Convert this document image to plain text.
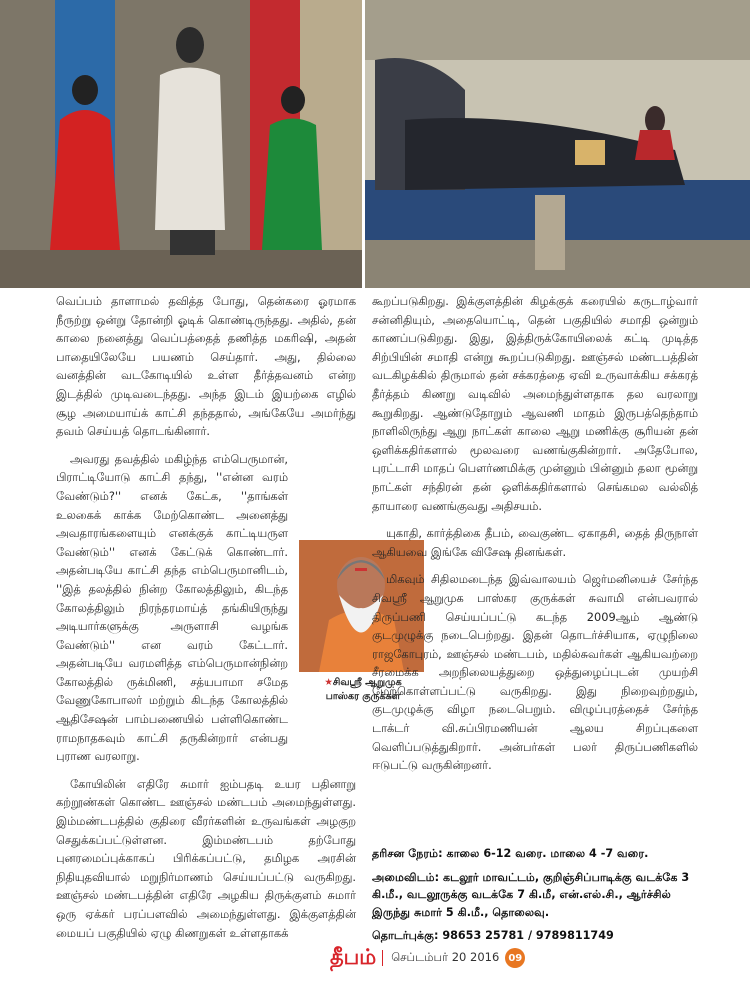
வெப்பம் தாளாமல் தவித்த போது, தென்கரை ஓரமாக நீருற்று ஒன்று தோன்றி ஓடிக் கொண்டிருந்தது. அதில், தன் காலை நனைத்து வெப்பத்தைத் தணித்த மகரிஷி, அதன் பாதையிலேயே பயணம் செய்தார். அது, தில்லை வனத்தின் வடகோடியில் உள்ள தீர்த்தவனம் என்ற இடத்தில் முடிவடைந்தது. அந்த இடம் இயற்கை எழில் சூழ அமையாய்க் காட்சி தந்ததால், அங்கேயே அமர்ந்து தவம் செய்யத் தொடங்கினார்.

அவரது தவத்தில் மகிழ்ந்த எம்பெருமான், பிராட்டியோடு காட்சி தந்து, ''என்ன வரம் வேண்டும்?'' எனக் கேட்க, ''தாங்கள் உலகைக் காக்க மேற்கொண்ட அனைத்து அவதாரங்களையும் எனக்குக் காட்டியருள வேண்டும்'' எனக் கேட்டுக் கொண்டார். அதன்படியே காட்சி தந்த எம்பெருமானிடம், ''இத் தலத்தில் நின்ற கோலத்திலும், கிடந்த கோலத்திலும் நிரந்தரமாய்த் தங்கியிருந்து அடியார்களுக்கு அருளாசி வழங்க வேண்டும்'' என வரம் கேட்டார். அதன்படியே வரமளித்த எம்பெருமான்நின்ற கோலத்தில் ருக்மிணி, சத்யபாமா சமேத வேணுகோபாலர் மற்றும் கிடந்த கோலத்தில் ஆதிசேஷன் பாம்பணையில் பள்ளிகொண்ட ராமநாதகவும் காட்சி தருகின்றார் என்பது புராண வரலாறு.

கோயிலின் எதிரே சுமார் ஐம்பதடி உயர பதினாறு கற்றூண்கள் கொண்ட ஊஞ்சல் மண்டபம் அமைந்துள்ளது. இம்மண்டபத்தில் குதிரை வீரர்களின் உருவங்கள் அழகுற செதுக்கப்பட்டுள்ளன. இம்மண்டபம் தற்போது புனரமைப்புக்காகப் பிரிக்கப்பட்டு, தமிழக அரசின் நிதியுதவியால் மறுநிர்மாணம் செய்யப்பட்டு வருகிறது. ஊஞ்சல் மண்டபத்தின் எதிரே அழகிய திருக்குளம் சுமார் ஒரு ஏக்கர் பரப்பளவில் அமைந்துள்ளது. இக்குளத்தின் மையப் பகுதியில் ஏழு கிணறுகள் உள்ளதாகக்

★சிவஸ்ரீ ஆறுமுக
பாஸ்கர குருக்கள்

கூறப்படுகிறது. இக்குளத்தின் கிழக்குக் கரையில் கருடாழ்வார் சன்னிதியும், அதையொட்டி, தென் பகுதியில் சமாதி ஒன்றும் காணப்படுகிறது. இது, இத்திருக்கோயிலைக் கட்டி முடித்த சிற்பியின் சமாதி என்று கூறப்படுகிறது. ஊஞ்சல் மண்டபத்தின் வடகிழக்கில் திருமால் தன் சக்கரத்தை ஏவி உருவாக்கிய சக்கரத் தீர்த்தம் கிணறு வடிவில் அமைந்துள்ளதாக தல வரலாறு கூறுகிறது. ஆண்டுதோறும் ஆவணி மாதம் இருபத்தெந்தாம் நாளிலிருந்து ஆறு நாட்கள் காலை ஆறு மணிக்கு சூரியன் தன் ஒளிக்கதிர்களால் மூலவரை வணங்குகின்றார். அதேபோல, புரட்டாசி மாதப் பௌர்ணமிக்கு முன்னும் பின்னும் தலா மூன்று நாட்கள் சந்திரன் தன் ஒளிக்கதிர்களால் செங்கமல வல்லித் தாயாரை வணங்குவது அதிசயம்.

யுகாதி, கார்த்திகை தீபம், வைகுண்ட ஏகாதசி, தைத் திருநாள் ஆகியவை இங்கே விசேஷ தினங்கள்.

மிகவும் சிதிலமடைந்த இவ்வாலயம் ஜெர்மனியைச் சேர்ந்த சிவஸ்ரீ ஆறுமுக பாஸ்கர குருக்கள் சுவாமி என்பவரால் திருப்பணி செய்யப்பட்டு கடந்த 2009ஆம் ஆண்டு குடமுழுக்கு நடைபெற்றது. இதன் தொடர்ச்சியாக, ஏழுநிலை ராஜகோபுரம், ஊஞ்சல் மண்டபம், மதில்சுவர்கள் ஆகியவற்றை சீரமைக்க அறநிலையத்துறை ஒத்துழைப்புடன் முயற்சி மேற்கொள்ளப்பட்டு வருகிறது. இது நிறைவுற்றதும், குடமுழுக்கு விழா நடைபெறும். விழுப்புரத்தைச் சேர்ந்த டாக்டர் வி.சுப்பிரமணியன் ஆலய சிறப்புகளை வெளிப்படுத்துகிறார். அன்பர்கள் பலர் திருப்பணிகளில் ஈடுபட்டு வருகின்றனர்.

தரிசன நேரம்: காலை 6-12 வரை. மாலை 4 -7 வரை.
அமைவிடம்: கடலூர் மாவட்டம், குறிஞ்சிப்பாடிக்கு வடக்கே 3 கி.மீ., வடலூருக்கு வடக்கே 7 கி.மீ, என்.எல்.சி., ஆர்ச்சில் இருந்து சுமார் 5 கி.மீ., தொலைவு.
தொடர்புக்கு: 98653 25781 / 9789811749
தீபம்	செப்டம்பர் 20 2016 09
